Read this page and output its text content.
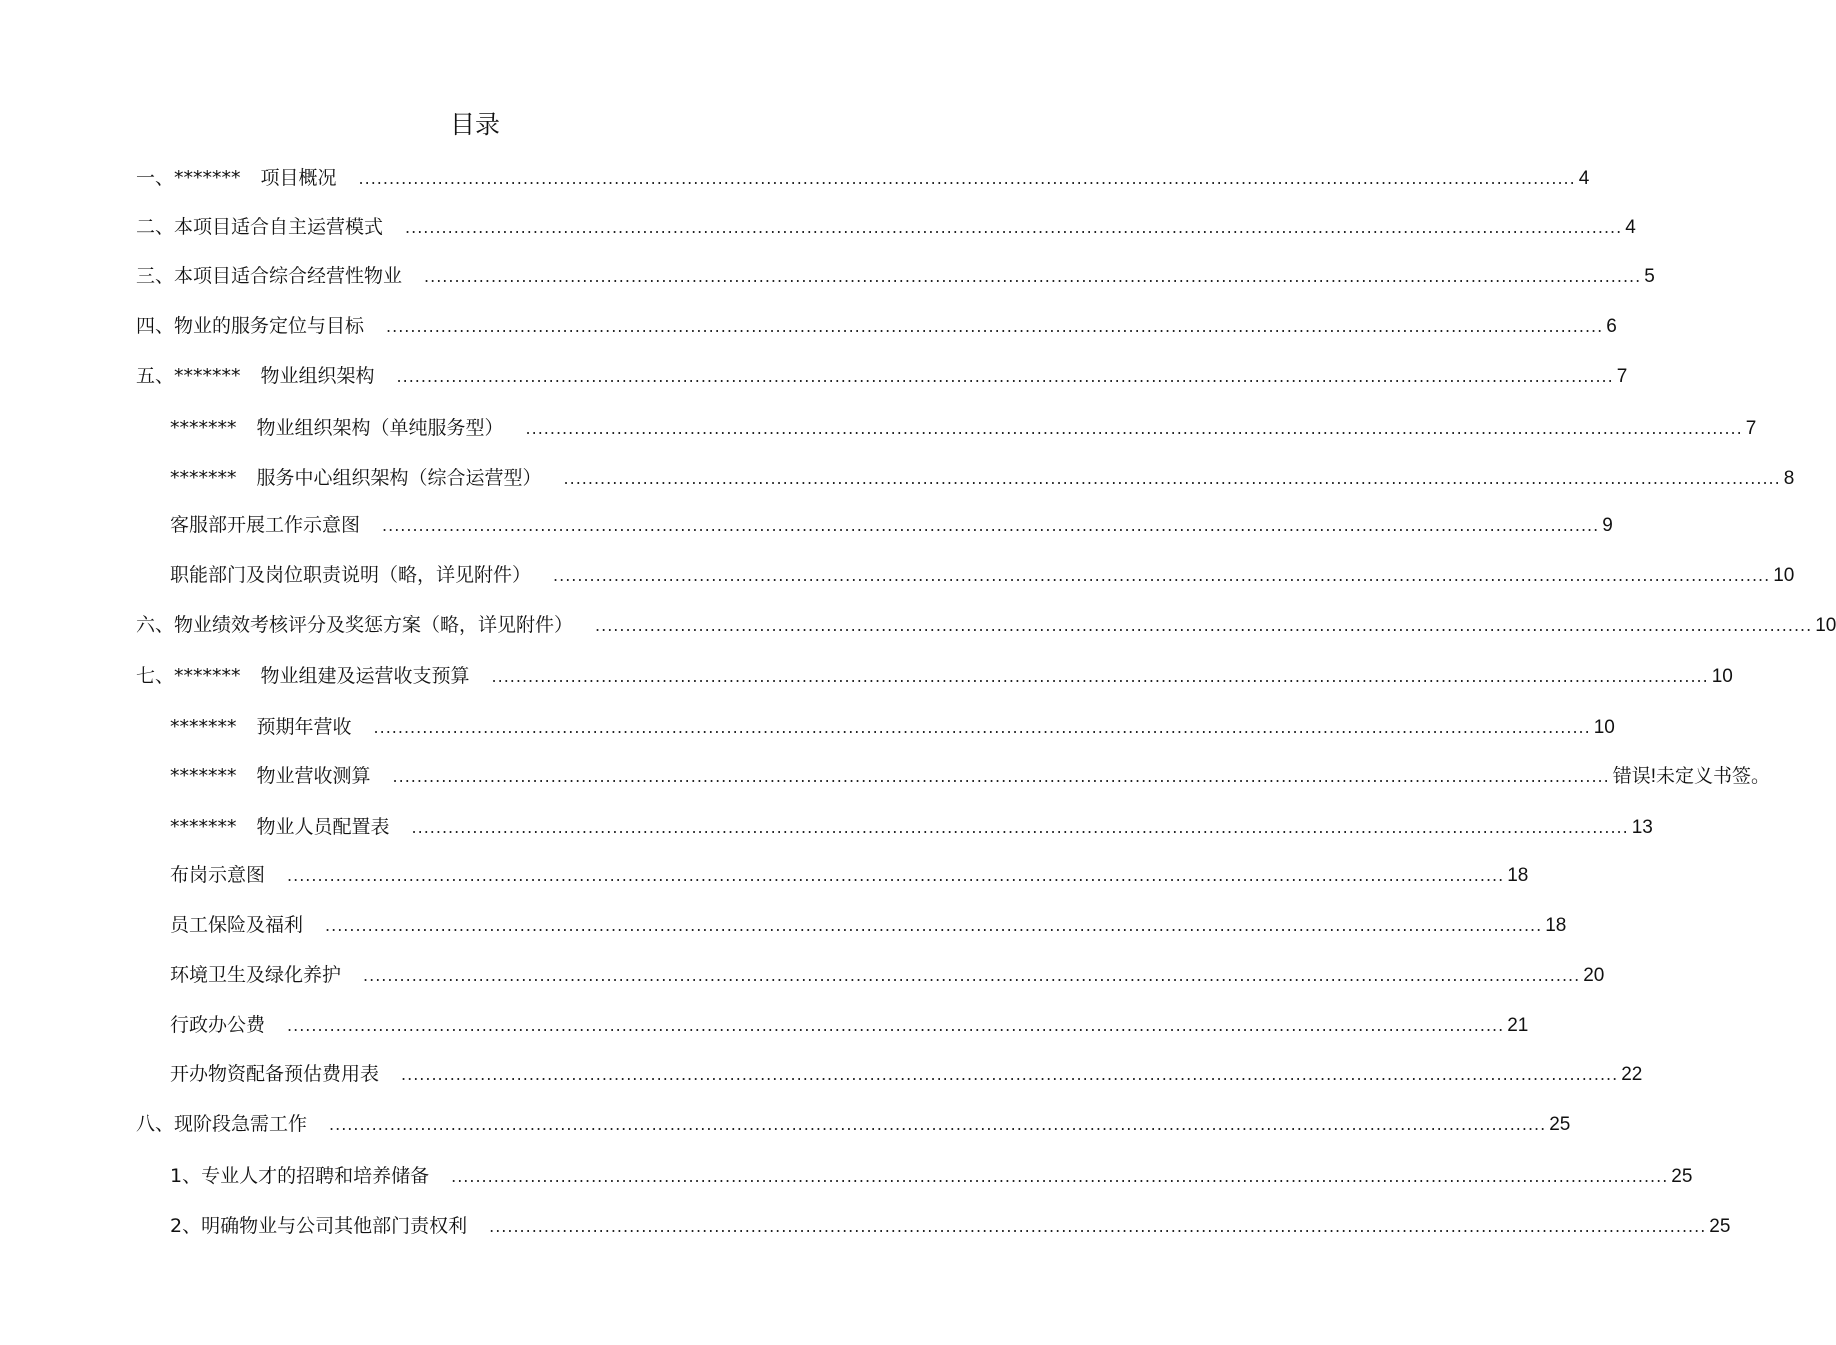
目录
一、******* 项目概况 ........................................................................................................................................................................................................ 4
二、本项目适合自主运营模式 ........................................................................................................................................................................................................ 4
三、本项目适合综合经营性物业 ........................................................................................................................................................................................................ 5
四、物业的服务定位与目标 ........................................................................................................................................................................................................ 6
五、******* 物业组织架构 ........................................................................................................................................................................................................ 7
******* 物业组织架构（单纯服务型） ........................................................................................................................................................................................................ 7
******* 服务中心组织架构（综合运营型） ........................................................................................................................................................................................................ 8
客服部开展工作示意图 ........................................................................................................................................................................................................ 9
职能部门及岗位职责说明（略，详见附件） ........................................................................................................................................................................................................ 10
六、物业绩效考核评分及奖惩方案（略，详见附件） ........................................................................................................................................................................................................ 10
七、******* 物业组建及运营收支预算 ........................................................................................................................................................................................................ 10
******* 预期年营收 ........................................................................................................................................................................................................ 10
******* 物业营收测算 ........................................................................................................................................................................................................ 错误!未定义书签。
******* 物业人员配置表 ........................................................................................................................................................................................................ 13
布岗示意图 ........................................................................................................................................................................................................ 18
员工保险及福利 ........................................................................................................................................................................................................ 18
环境卫生及绿化养护 ........................................................................................................................................................................................................ 20
行政办公费 ........................................................................................................................................................................................................ 21
开办物资配备预估费用表 ........................................................................................................................................................................................................ 22
八、现阶段急需工作 ........................................................................................................................................................................................................ 25
1、专业人才的招聘和培养储备 ........................................................................................................................................................................................................ 25
2、明确物业与公司其他部门责权利 ........................................................................................................................................................................................................ 25
